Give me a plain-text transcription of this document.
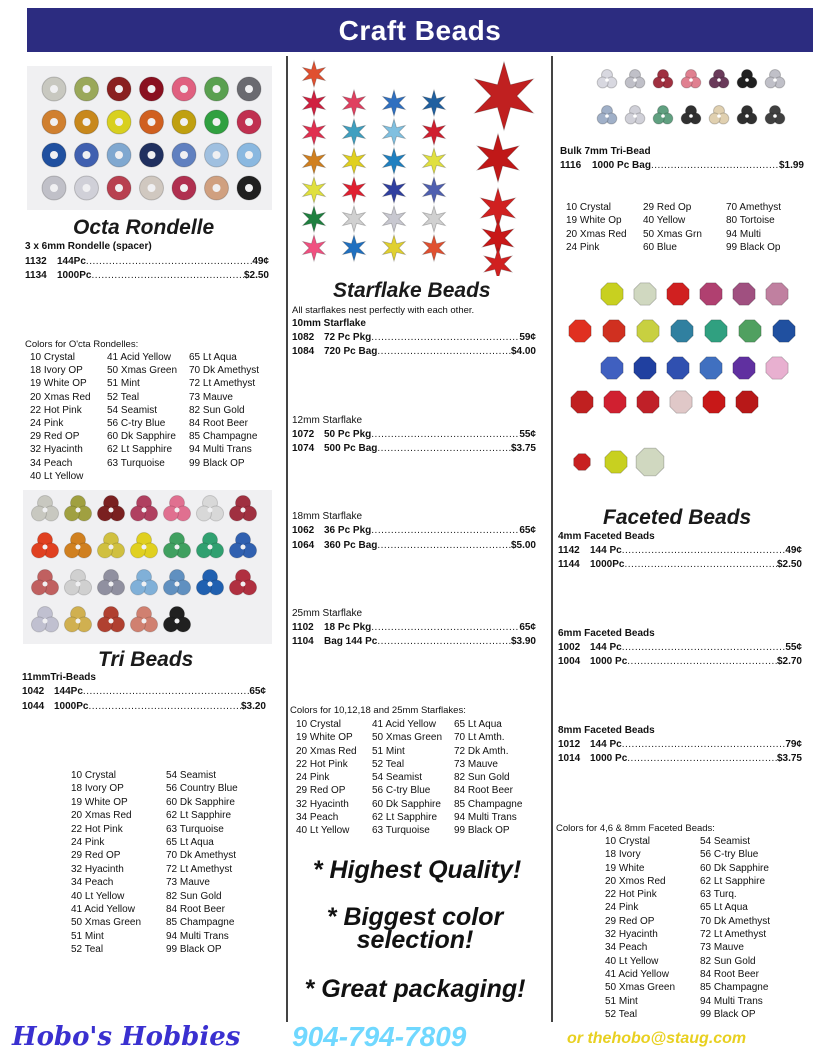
Craft Beads
Octa Rondelle
3 x 6mm Rondelle (spacer)
1132	144Pc .....	49¢
1134	1000Pc .....	$2.50
Colors for O'cta Rondelles:
10 Crystal
18 Ivory OP
19 White OP
20 Xmas Red
22 Hot Pink
24 Pink
29 Red OP
32 Hyacinth
34 Peach
40 Lt Yellow
41 Acid Yellow
50 Xmas Green
51 Mint
52 Teal
54 Seamist
56 C-try Blue
60 Dk Sapphire
62 Lt Sapphire
63 Turquoise
65 Lt Aqua
70 Dk Amethyst
72 Lt Amethyst
73 Mauve
82 Sun Gold
84 Root Beer
85 Champagne
94 Multi Trans
99 Black OP
Tri Beads
11mmTri-Beads
1042 144Pc .....	65¢
1044 1000Pc .....	$3.20
10 Crystal
18 Ivory OP
19 White OP
20 Xmas Red
22 Hot Pink
24 Pink
29 Red OP
32 Hyacinth
34 Peach
40 Lt Yellow
41 Acid Yellow
50 Xmas Green
51 Mint
52 Teal
54 Seamist
56 Country Blue
60 Dk Sapphire
62 Lt Sapphire
63 Turquoise
65 Lt Aqua
70 Dk Amethyst
72 Lt Amethyst
73 Mauve
82 Sun Gold
84 Root Beer
85 Champagne
94 Multi Trans
99 Black OP
Starflake Beads
All starflakes nest perfectly with each other.
10mm Starflake
1082 72 Pc Pkg .....	59¢
1084 720 Pc Bag .....	$4.00
12mm Starflake
1072 50 Pc Pkg .....	55¢
1074 500 Pc Bag .....	$3.75
18mm Starflake
1062 36 Pc Pkg .....	65¢
1064 360 Pc Bag .....	$5.00
25mm Starflake
1102	18 Pc Pkg .....	65¢
1104	Bag 144 Pc .....	$3.90
Colors for 10,12,18 and 25mm Starflakes:
10 Crystal
19 White OP
20 Xmas Red
22 Hot Pink
24 Pink
29 Red OP
32 Hyacinth
34 Peach
40 Lt Yellow
41 Acid Yellow
50 Xmas Green
51 Mint
52 Teal
54 Seamist
56 C-try Blue
60 Dk Sapphire
62 Lt Sapphire
63 Turquoise
65 Lt Aqua
70 Lt Amth.
72 Dk Amth.
73 Mauve
82 Sun Gold
84 Root Beer
85 Champagne
94 Multi Trans
99 Black OP
* Highest Quality!
* Biggest color selection!
* Great packaging!
Bulk 7mm Tri-Bead
1116	1000 Pc Bag .....	$1.99
10 Crystal
19 White Op
20 Xmas Red
24 Pink
29 Red Op
40 Yellow
50 Xmas Grn
60 Blue
70 Amethyst
80 Tortoise
94 Multi
99 Black Op
Faceted Beads
4mm Faceted Beads
1142	144 Pc .....	49¢
1144	1000Pc .....	$2.50
6mm Faceted Beads
1002 144 Pc .....	55¢
1004 1000 Pc .....	$2.70
8mm Faceted Beads
1012 144 Pc .....	79¢
1014 1000 Pc .....	$3.75
Colors for 4,6 & 8mm Faceted Beads:
10 Crystal
18 Ivory
19 White
20 Xmos Red
22 Hot Pink
24 Pink
29 Red OP
32 Hyacinth
34 Peach
40 Lt Yellow
41 Acid Yellow
50 Xmas Green
51 Mint
52 Teal
54 Seamist
56 C-try Blue
60 Dk Sapphire
62 Lt Sapphire
63 Turq.
65 Lt Aqua
70 Dk Amethyst
72 Lt Amethyst
73 Mauve
82 Sun Gold
84 Root Beer
85 Champagne
94 Multi Trans
99 Black OP
Hobo's Hobbies 904-794-7809	or thehobo@staug.com
